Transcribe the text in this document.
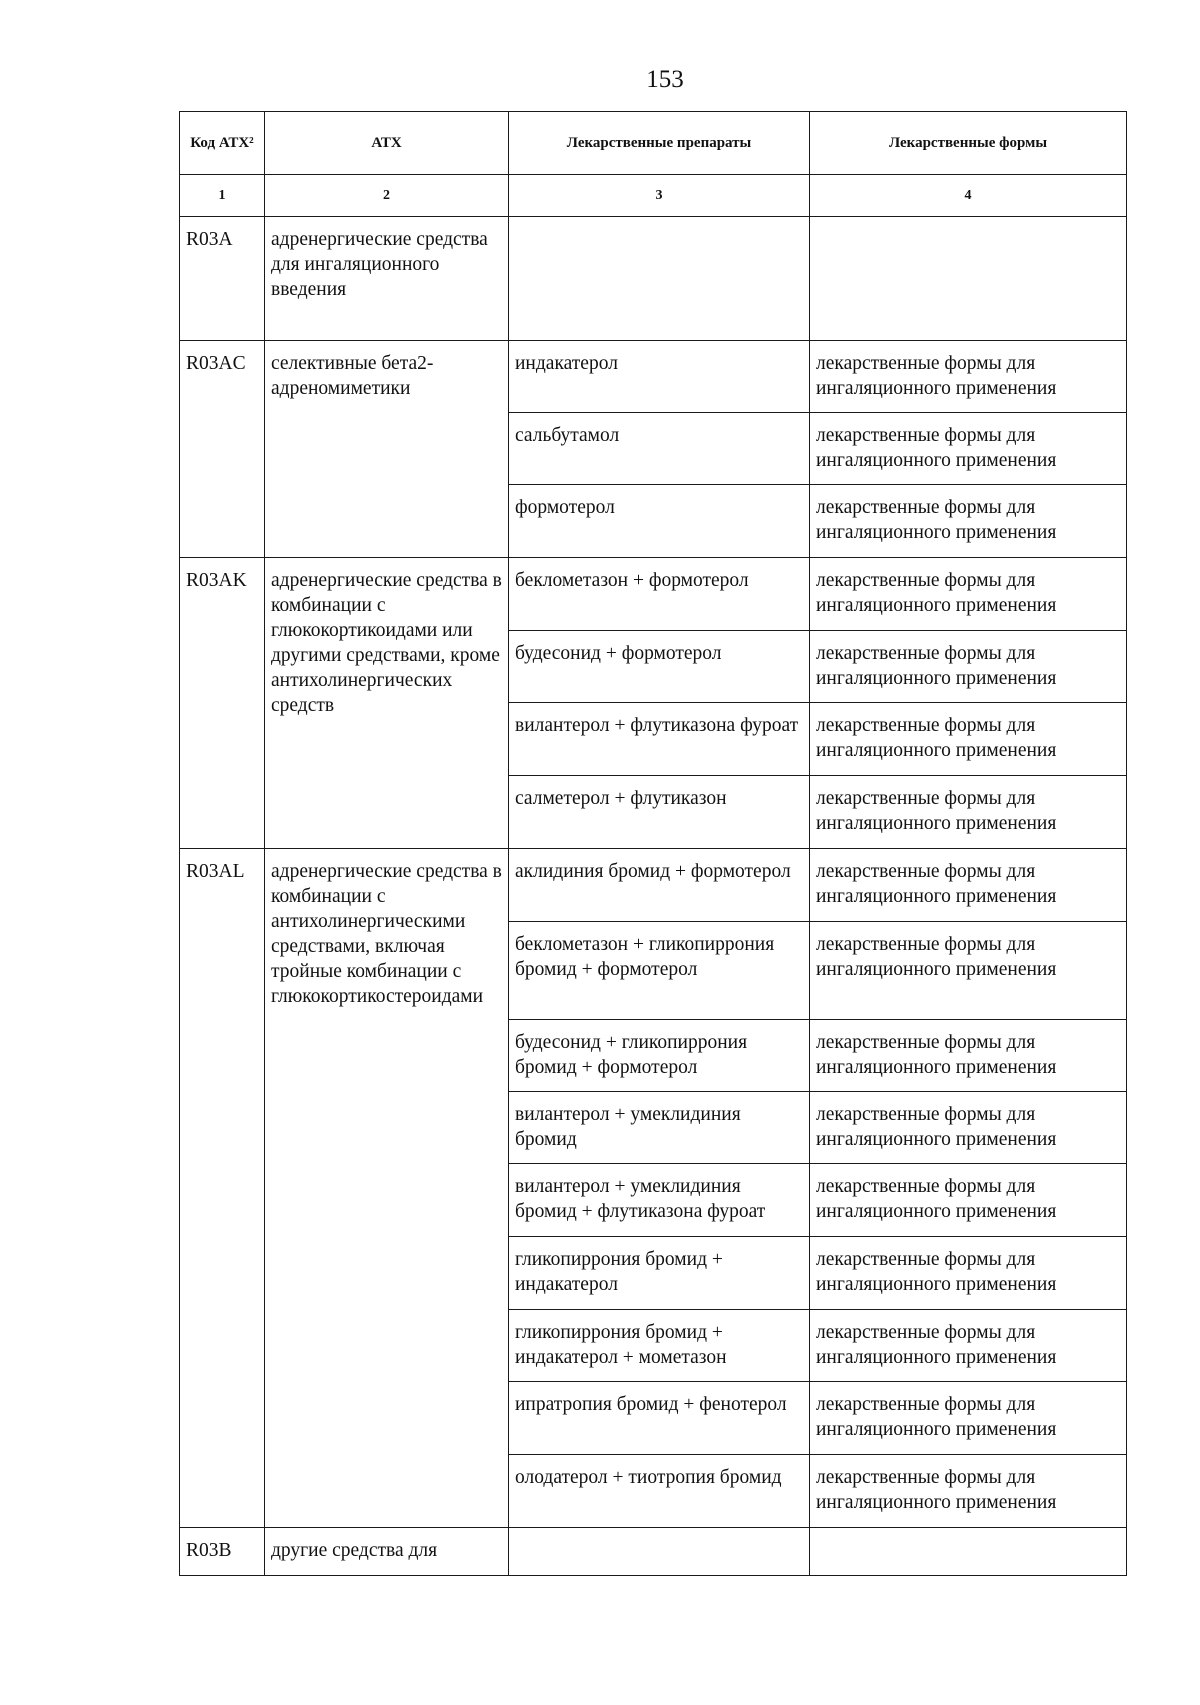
153
Код АТХ²	АТХ	Лекарственные препараты	Лекарственные формы
1	2	3	4
R03A	адренергические средства для ингаляционного введения		
R03AC	селективные бета2-адреномиметики	индакатерол	лекарственные формы для ингаляционного применения
		сальбутамол	лекарственные формы для ингаляционного применения
		формотерол	лекарственные формы для ингаляционного применения
R03AK	адренергические средства в комбинации с глюкокортикоидами или другими средствами, кроме антихолинергических средств	беклометазон + формотерол	лекарственные формы для ингаляционного применения
		будесонид + формотерол	лекарственные формы для ингаляционного применения
		вилантерол + флутиказона фуроат	лекарственные формы для ингаляционного применения
		салметерол + флутиказон	лекарственные формы для ингаляционного применения
R03AL	адренергические средства в комбинации с антихолинергическими средствами, включая тройные комбинации с глюкокортикостероидами	аклидиния бромид + формотерол	лекарственные формы для ингаляционного применения
		беклометазон + гликопиррония бромид + формотерол	лекарственные формы для ингаляционного применения
		будесонид + гликопиррония бромид + формотерол	лекарственные формы для ингаляционного применения
		вилантерол + умеклидиния бромид	лекарственные формы для ингаляционного применения
		вилантерол + умеклидиния бромид + флутиказона фуроат	лекарственные формы для ингаляционного применения
		гликопиррония бромид + индакатерол	лекарственные формы для ингаляционного применения
		гликопиррония бромид + индакатерол + мометазон	лекарственные формы для ингаляционного применения
		ипратропия бромид + фенотерол	лекарственные формы для ингаляционного применения
		олодатерол + тиотропия бромид	лекарственные формы для ингаляционного применения
R03B	другие средства для		
